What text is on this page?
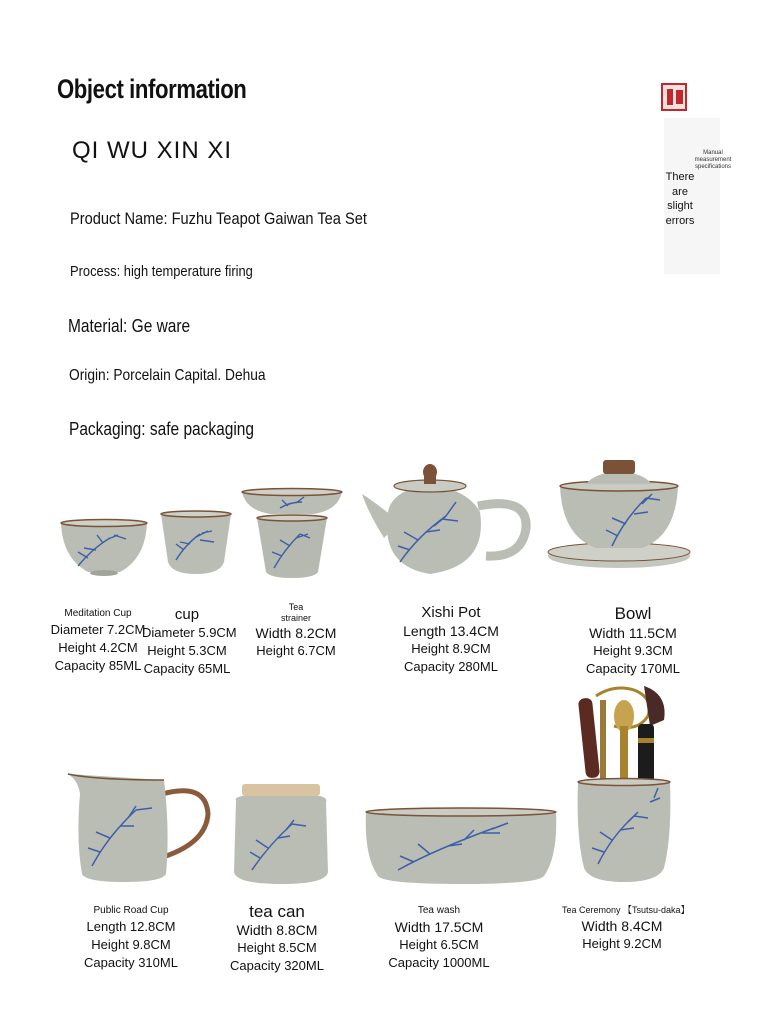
Object information
QI WU XIN XI
Product Name: Fuzhu Teapot Gaiwan Tea Set
Process: high temperature firing
Material: Ge ware
Origin: Porcelain Capital. Dehua
Packaging: safe packaging
Manual measurement specifications
There
are
slight
errors
Meditation Cup
Diameter 7.2CM
Height 4.2CM
Capacity 85ML
cup
Diameter 5.9CM
Height 5.3CM
Capacity 65ML
Tea
strainer
Width 8.2CM
Height 6.7CM
Xishi Pot
Length 13.4CM
Height 8.9CM
Capacity 280ML
Bowl
Width 11.5CM
Height 9.3CM
Capacity 170ML
Public Road Cup
Length 12.8CM
Height 9.8CM
Capacity 310ML
tea can
Width 8.8CM
Height 8.5CM
Capacity 320ML
Tea wash
Width 17.5CM
Height 6.5CM
Capacity 1000ML
Tea Ceremony 【Tsutsu-daka】
Width 8.4CM
Height 9.2CM
